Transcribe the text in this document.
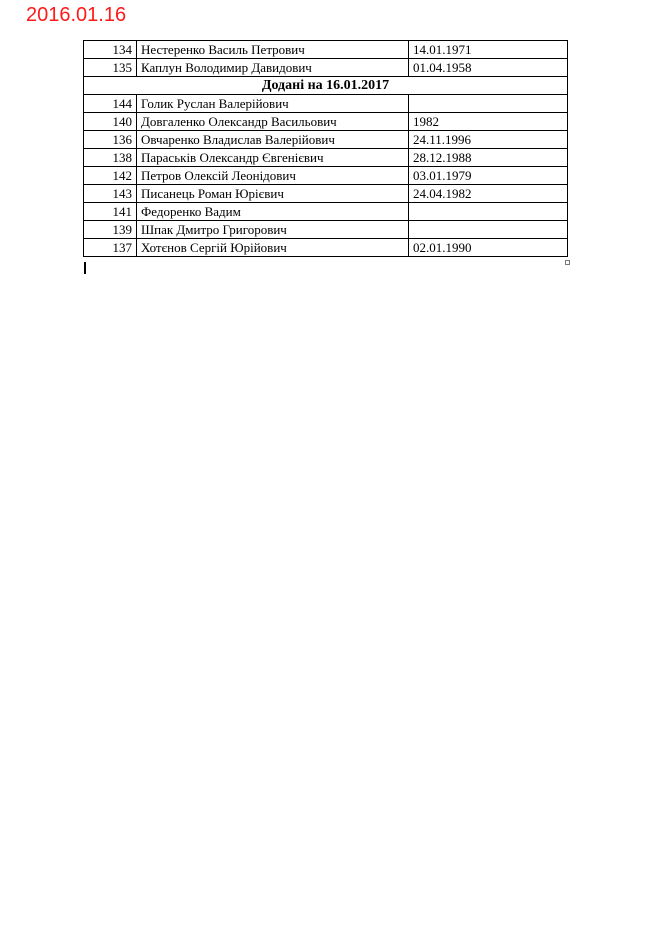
2016.01.16
134	Нестеренко Василь Петрович	14.01.1971
135	Каплун Володимир Давидович	01.04.1958
Додані на 16.01.2017		
144	Голик Руслан Валерійович	
140	Довгаленко Олександр Васильович	1982
136	Овчаренко Владислав Валерійович	24.11.1996
138	Параськів Олександр Євгенієвич	28.12.1988
142	Петров Олексій Леонідович	03.01.1979
143	Писанець Роман Юрієвич	24.04.1982
141	Федоренко Вадим	
139	Шпак Дмитро Григорович	
137	Хотєнов Сергій Юрійович	02.01.1990
